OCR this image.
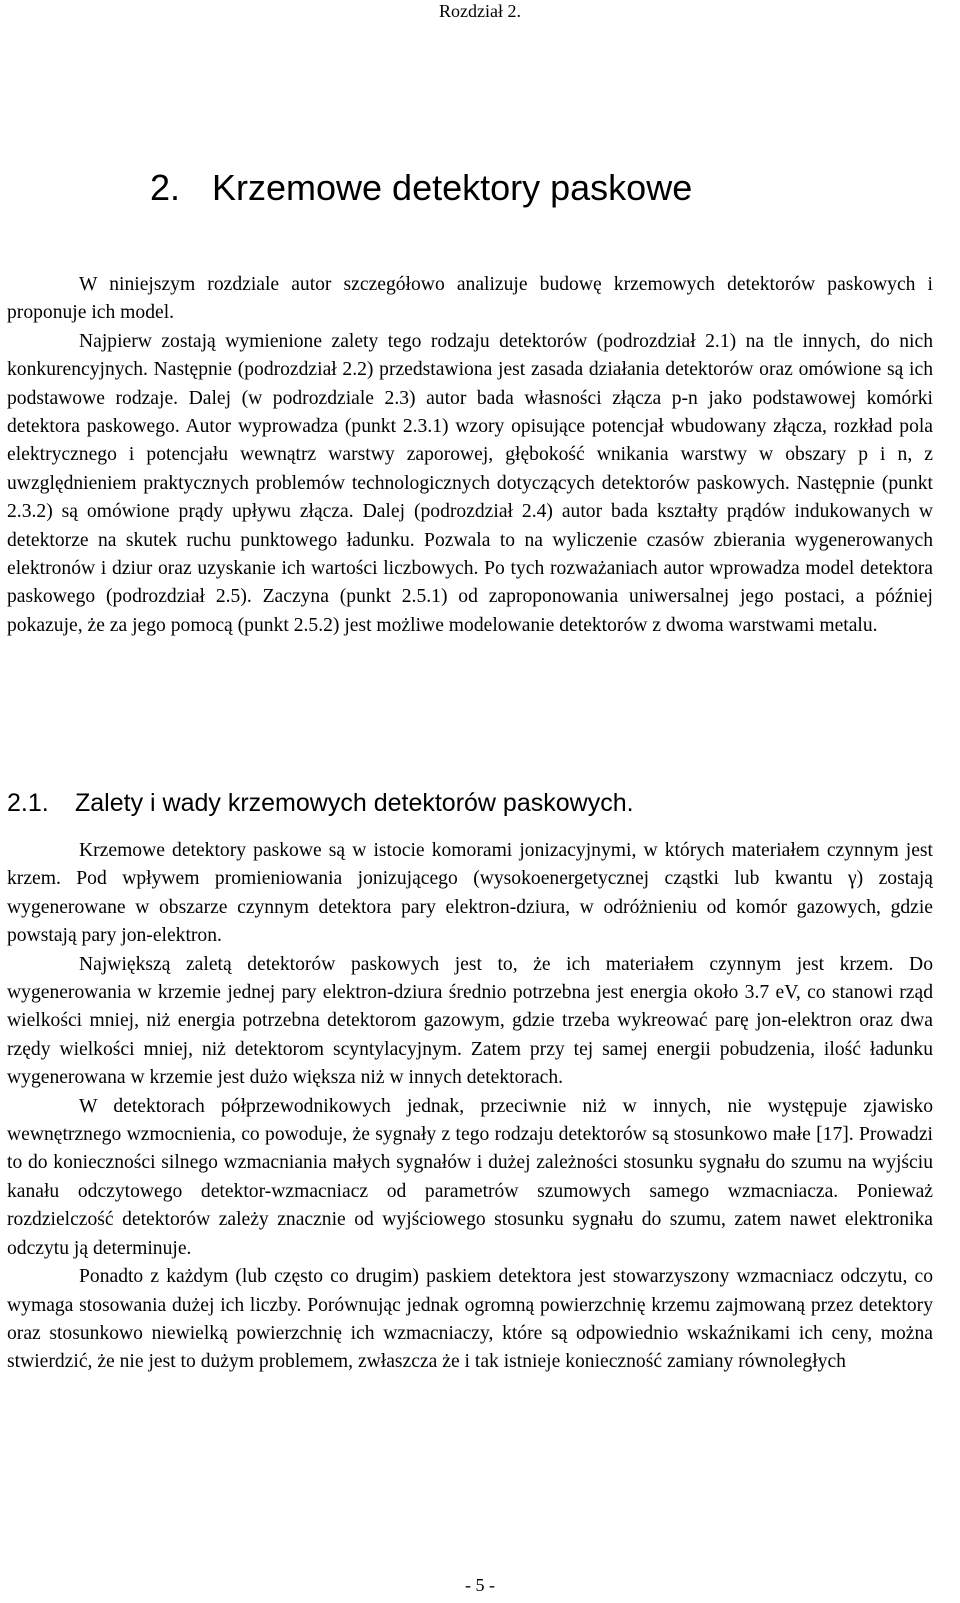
Rozdział 2.
2. Krzemowe detektory paskowe

W niniejszym rozdziale autor szczegółowo analizuje budowę krzemowych detektorów paskowych i proponuje ich model.

Najpierw zostają wymienione zalety tego rodzaju detektorów (podrozdział 2.1) na tle innych, do nich konkurencyjnych. Następnie (podrozdział 2.2) przedstawiona jest zasada działania detektorów oraz omówione są ich podstawowe rodzaje. Dalej (w podrozdziale 2.3) autor bada własności złącza p-n jako podstawowej komórki detektora paskowego. Autor wyprowadza (punkt 2.3.1) wzory opisujące potencjał wbudowany złącza, rozkład pola elektrycznego i potencjału wewnątrz warstwy zaporowej, głębokość wnikania warstwy w obszary p i n, z uwzględnieniem praktycznych problemów technologicznych dotyczących detektorów paskowych. Następnie (punkt 2.3.2) są omówione prądy upływu złącza. Dalej (podrozdział 2.4) autor bada kształty prądów indukowanych w detektorze na skutek ruchu punktowego ładunku. Pozwala to na wyliczenie czasów zbierania wygenerowanych elektronów i dziur oraz uzyskanie ich wartości liczbowych. Po tych rozważaniach autor wprowadza model detektora paskowego (podrozdział 2.5). Zaczyna (punkt 2.5.1) od zaproponowania uniwersalnej jego postaci, a później pokazuje, że za jego pomocą (punkt 2.5.2) jest możliwe modelowanie detektorów z dwoma warstwami metalu.

2.1. Zalety i wady krzemowych detektorów paskowych.

Krzemowe detektory paskowe są w istocie komorami jonizacyjnymi, w których materiałem czynnym jest krzem. Pod wpływem promieniowania jonizującego (wysokoenergetycznej cząstki lub kwantu γ) zostają wygenerowane w obszarze czynnym detektora pary elektron-dziura, w odróżnieniu od komór gazowych, gdzie powstają pary jon-elektron.

Największą zaletą detektorów paskowych jest to, że ich materiałem czynnym jest krzem. Do wygenerowania w krzemie jednej pary elektron-dziura średnio potrzebna jest energia około 3.7 eV, co stanowi rząd wielkości mniej, niż energia potrzebna detektorom gazowym, gdzie trzeba wykreować parę jon-elektron oraz dwa rzędy wielkości mniej, niż detektorom scyntylacyjnym. Zatem przy tej samej energii pobudzenia, ilość ładunku wygenerowana w krzemie jest dużo większa niż w innych detektorach.

W detektorach półprzewodnikowych jednak, przeciwnie niż w innych, nie występuje zjawisko wewnętrznego wzmocnienia, co powoduje, że sygnały z tego rodzaju detektorów są stosunkowo małe [17]. Prowadzi to do konieczności silnego wzmacniania małych sygnałów i dużej zależności stosunku sygnału do szumu na wyjściu kanału odczytowego detektor-wzmacniacz od parametrów szumowych samego wzmacniacza. Ponieważ rozdzielczość detektorów zależy znacznie od wyjściowego stosunku sygnału do szumu, zatem nawet elektronika odczytu ją determinuje.

Ponadto z każdym (lub często co drugim) paskiem detektora jest stowarzyszony wzmacniacz odczytu, co wymaga stosowania dużej ich liczby. Porównując jednak ogromną powierzchnię krzemu zajmowaną przez detektory oraz stosunkowo niewielką powierzchnię ich wzmacniaczy, które są odpowiednio wskaźnikami ich ceny, można stwierdzić, że nie jest to dużym problemem, zwłaszcza że i tak istnieje konieczność zamiany równoległych

- 5 -
